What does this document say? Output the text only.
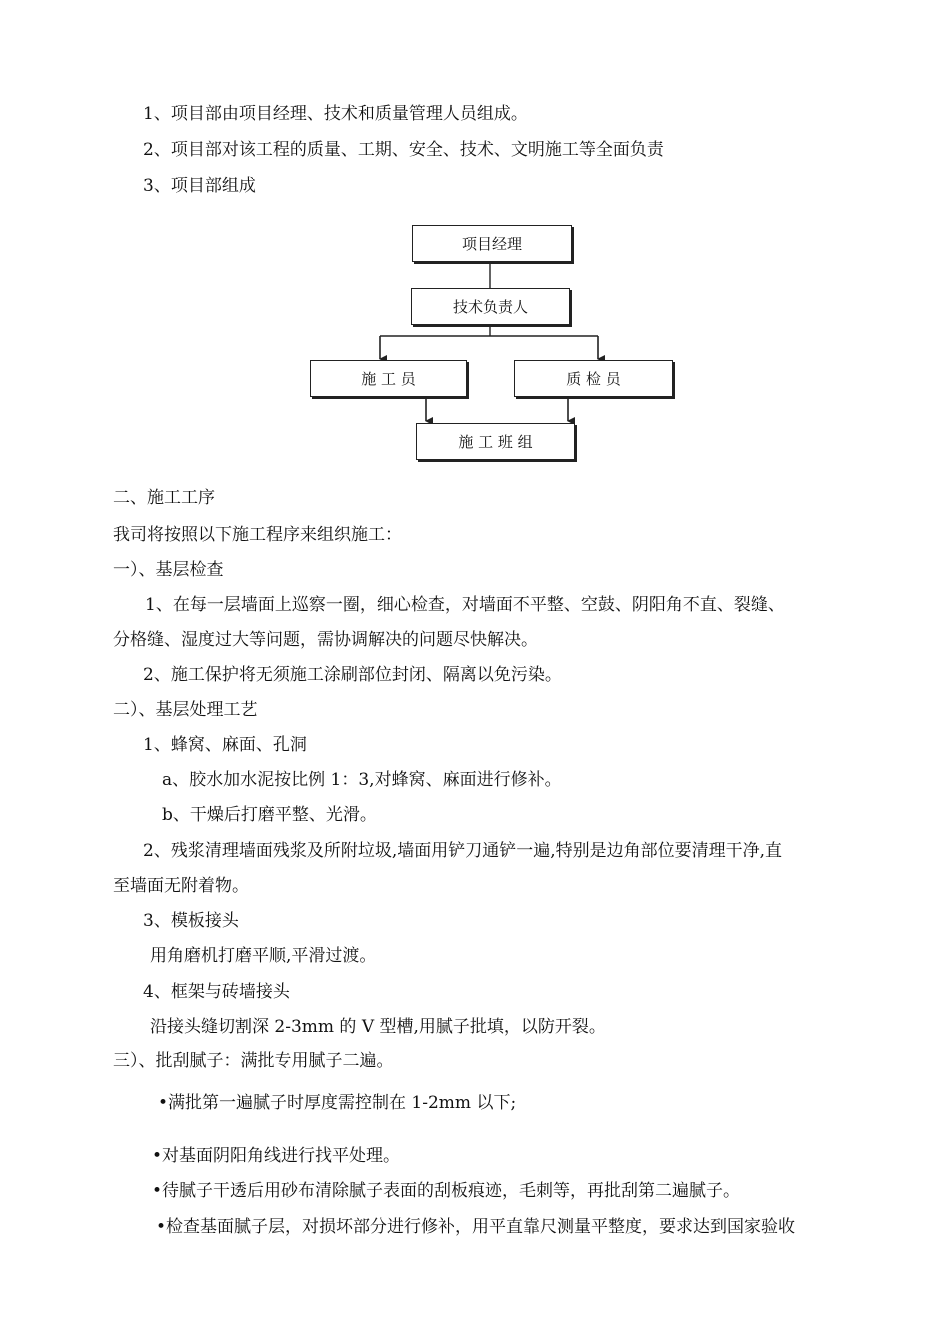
1、项目部由项目经理、技术和质量管理人员组成。
2、项目部对该工程的质量、工期、安全、技术、文明施工等全面负责
3、项目部组成
项目经理
技术负责人
施 工 员	质 检 员
施 工 班 组
二、施工工序
我司将按照以下施工程序来组织施工：
一）、基层检查
1、在每一层墙面上巡察一圈，细心检查，对墙面不平整、空鼓、阴阳角不直、裂缝、
分格缝、湿度过大等问题，需协调解决的问题尽快解决。
2、施工保护将无须施工涂刷部位封闭、隔离以免污染。
二）、基层处理工艺
1、蜂窝、麻面、孔洞
a、胶水加水泥按比例 1：3,对蜂窝、麻面进行修补。
b、干燥后打磨平整、光滑。
2、残浆清理墙面残浆及所附垃圾,墙面用铲刀通铲一遍,特别是边角部位要清理干净,直
至墙面无附着物。
3、模板接头
用角磨机打磨平顺,平滑过渡。
4、框架与砖墙接头
沿接头缝切割深 2-3mm 的 V 型槽,用腻子批填，以防开裂。
三）、批刮腻子：满批专用腻子二遍。
•满批第一遍腻子时厚度需控制在 1-2mm 以下;
•对基面阴阳角线进行找平处理。
•待腻子干透后用砂布清除腻子表面的刮板痕迹，毛刺等，再批刮第二遍腻子。
•检查基面腻子层，对损坏部分进行修补，用平直靠尺测量平整度，要求达到国家验收
